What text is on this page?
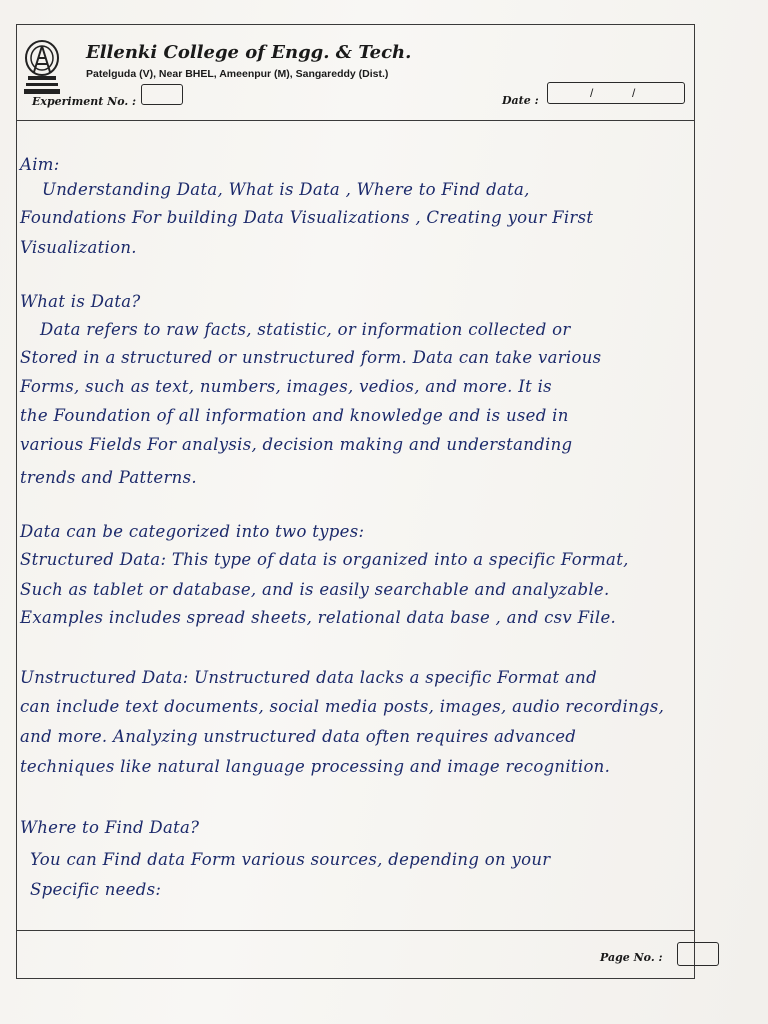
Ellenki College of Engg. & Tech.
Patelguda (V), Near BHEL, Ameenpur (M), Sangareddy (Dist.)
Experiment No. :	Date :
/	/
Page No. :
Aim:
Understanding Data, What is Data , Where to Find data,
Foundations For building Data Visualizations , Creating your First
Visualization.
What is Data?
Data refers to raw facts, statistic, or information collected or
Stored in a structured or unstructured form. Data can take various
Forms, such as text, numbers, images, vedios, and more. It is
the Foundation of all information and knowledge and is used in
various Fields For analysis, decision making and understanding
trends and Patterns.
Data can be categorized into two types:
Structured Data: This type of data is organized into a specific Format,
Such as tablet or database, and is easily searchable and analyzable.
Examples includes spread sheets, relational data base , and csv File.
Unstructured Data: Unstructured data lacks a specific Format and
can include text documents, social media posts, images, audio recordings,
and more. Analyzing unstructured data often requires advanced
techniques like natural language processing and image recognition.
Where to Find Data?
You can Find data Form various sources, depending on your
Specific needs:
